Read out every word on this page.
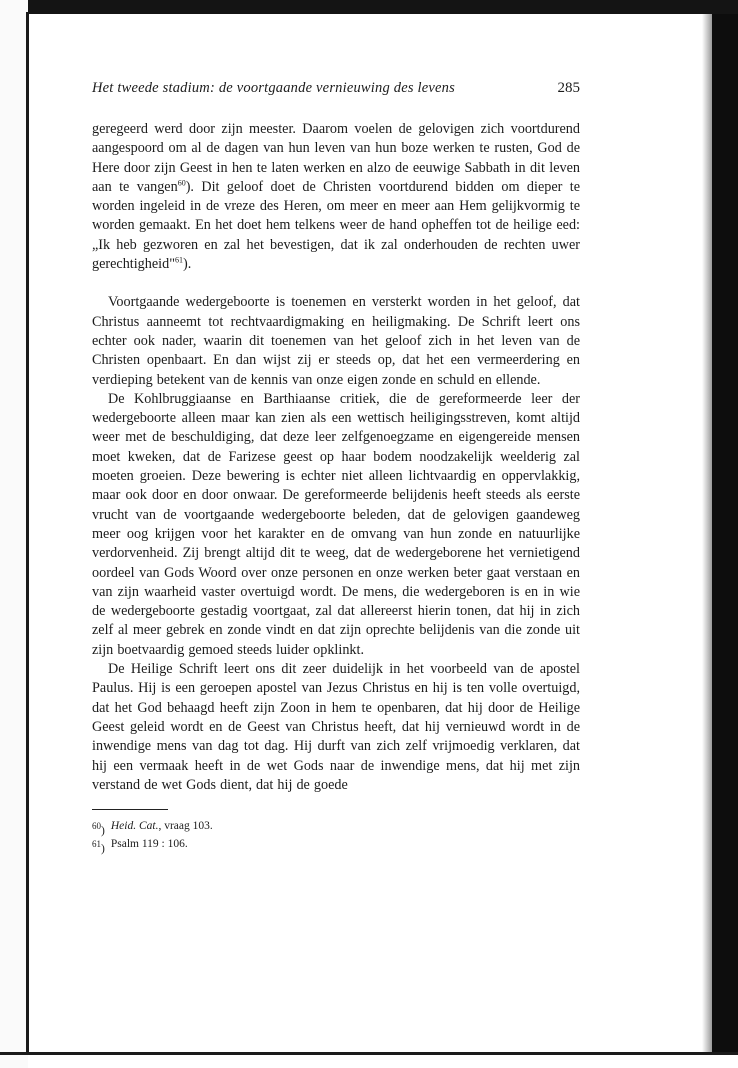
Het tweede stadium: de voortgaande vernieuwing des levens	285

geregeerd werd door zijn meester. Daarom voelen de gelovigen zich voortdurend aangespoord om al de dagen van hun leven van hun boze werken te rusten, God de Here door zijn Geest in hen te laten werken en alzo de eeuwige Sabbath in dit leven aan te vangen$^{60}$). Dit geloof doet de Christen voortdurend bidden om dieper te worden ingeleid in de vreze des Heren, om meer en meer aan Hem gelijkvormig te worden gemaakt. En het doet hem telkens weer de hand opheffen tot de heilige eed: „Ik heb gezworen en zal het bevestigen, dat ik zal onderhouden de rechten uwer gerechtigheid"$^{61}$).

Voortgaande wedergeboorte is toenemen en versterkt worden in het geloof, dat Christus aanneemt tot rechtvaardigmaking en heiligmaking. De Schrift leert ons echter ook nader, waarin dit toenemen van het geloof zich in het leven van de Christen openbaart. En dan wijst zij er steeds op, dat het een vermeerdering en verdieping betekent van de kennis van onze eigen zonde en schuld en ellende.

De Kohlbruggiaanse en Barthiaanse critiek, die de gereformeerde leer der wedergeboorte alleen maar kan zien als een wettisch heiligingsstreven, komt altijd weer met de beschuldiging, dat deze leer zelfgenoegzame en eigengereide mensen moet kweken, dat de Farizese geest op haar bodem noodzakelijk weelderig zal moeten groeien. Deze bewering is echter niet alleen lichtvaardig en oppervlakkig, maar ook door en door onwaar. De gereformeerde belijdenis heeft steeds als eerste vrucht van de voortgaande wedergeboorte beleden, dat de gelovigen gaandeweg meer oog krijgen voor het karakter en de omvang van hun zonde en natuurlijke verdorvenheid. Zij brengt altijd dit te weeg, dat de wedergeborene het vernietigend oordeel van Gods Woord over onze personen en onze werken beter gaat verstaan en van zijn waarheid vaster overtuigd wordt. De mens, die wedergeboren is en in wie de wedergeboorte gestadig voortgaat, zal dat allereerst hierin tonen, dat hij in zich zelf al meer gebrek en zonde vindt en dat zijn oprechte belijdenis van die zonde uit zijn boetvaardig gemoed steeds luider opklinkt.

De Heilige Schrift leert ons dit zeer duidelijk in het voorbeeld van de apostel Paulus. Hij is een geroepen apostel van Jezus Christus en hij is ten volle overtuigd, dat het God behaagd heeft zijn Zoon in hem te openbaren, dat hij door de Heilige Geest geleid wordt en de Geest van Christus heeft, dat hij vernieuwd wordt in de inwendige mens van dag tot dag. Hij durft van zich zelf vrijmoedig verklaren, dat hij een vermaak heeft in de wet Gods naar de inwendige mens, dat hij met zijn verstand de wet Gods dient, dat hij de goede

$^{60}$) Heid. Cat., vraag 103.
$^{61}$) Psalm 119 : 106.
